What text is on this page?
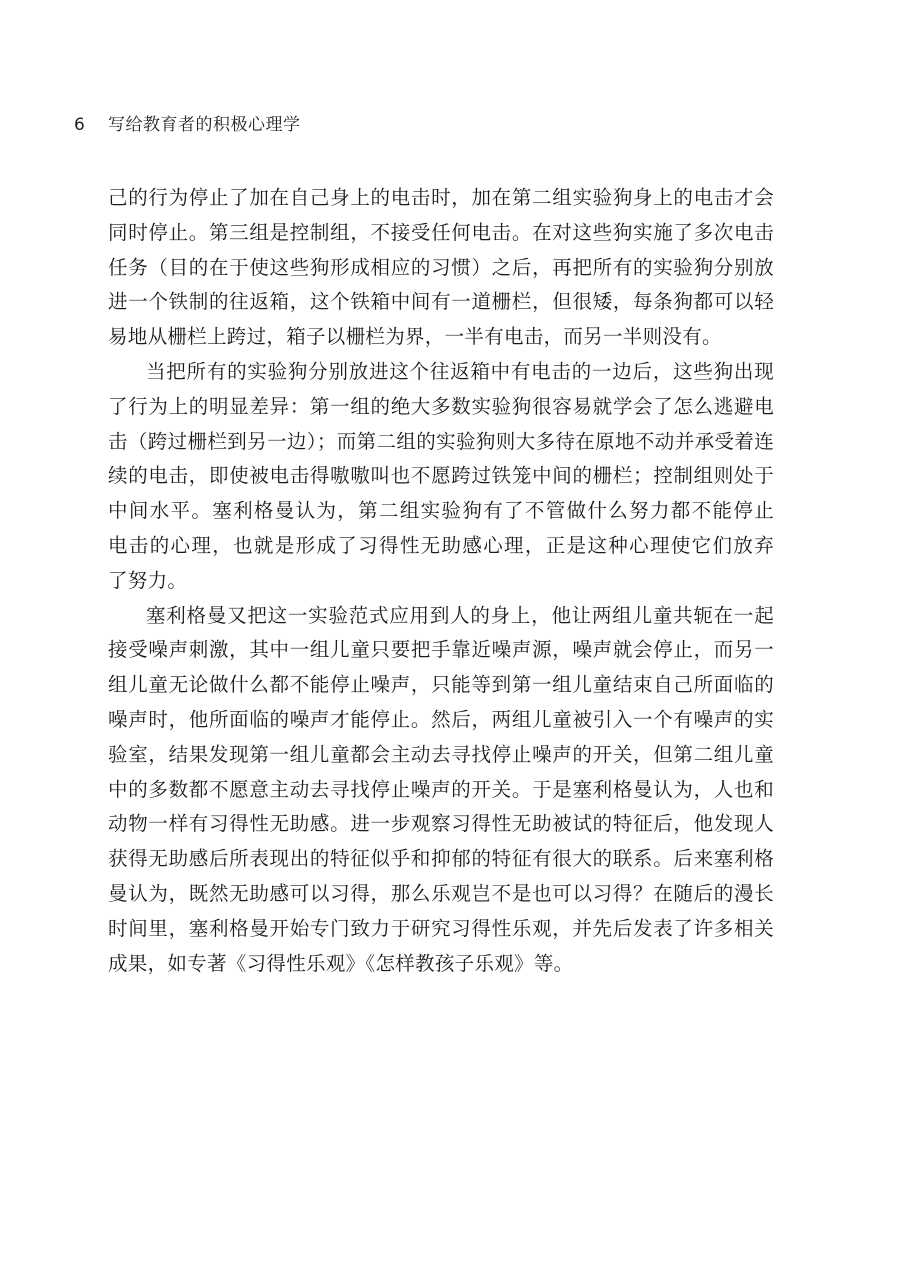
6 写给教育者的积极心理学
己的行为停止了加在自己身上的电击时，加在第二组实验狗身上的电击才会
同时停止。第三组是控制组，不接受任何电击。在对这些狗实施了多次电击
任务（目的在于使这些狗形成相应的习惯）之后，再把所有的实验狗分别放
进一个铁制的往返箱，这个铁箱中间有一道栅栏，但很矮，每条狗都可以轻
易地从栅栏上跨过，箱子以栅栏为界，一半有电击，而另一半则没有。
当把所有的实验狗分别放进这个往返箱中有电击的一边后，这些狗出现
了行为上的明显差异：第一组的绝大多数实验狗很容易就学会了怎么逃避电
击（跨过栅栏到另一边）；而第二组的实验狗则大多待在原地不动并承受着连
续的电击，即使被电击得嗷嗷叫也不愿跨过铁笼中间的栅栏；控制组则处于
中间水平。塞利格曼认为，第二组实验狗有了不管做什么努力都不能停止
电击的心理，也就是形成了习得性无助感心理，正是这种心理使它们放弃
了努力。
塞利格曼又把这一实验范式应用到人的身上，他让两组儿童共轭在一起
接受噪声刺激，其中一组儿童只要把手靠近噪声源，噪声就会停止，而另一
组儿童无论做什么都不能停止噪声，只能等到第一组儿童结束自己所面临的
噪声时，他所面临的噪声才能停止。然后，两组儿童被引入一个有噪声的实
验室，结果发现第一组儿童都会主动去寻找停止噪声的开关，但第二组儿童
中的多数都不愿意主动去寻找停止噪声的开关。于是塞利格曼认为，人也和
动物一样有习得性无助感。进一步观察习得性无助被试的特征后，他发现人
获得无助感后所表现出的特征似乎和抑郁的特征有很大的联系。后来塞利格
曼认为，既然无助感可以习得，那么乐观岂不是也可以习得？在随后的漫长
时间里，塞利格曼开始专门致力于研究习得性乐观，并先后发表了许多相关
成果，如专著《习得性乐观》《怎样教孩子乐观》等。
